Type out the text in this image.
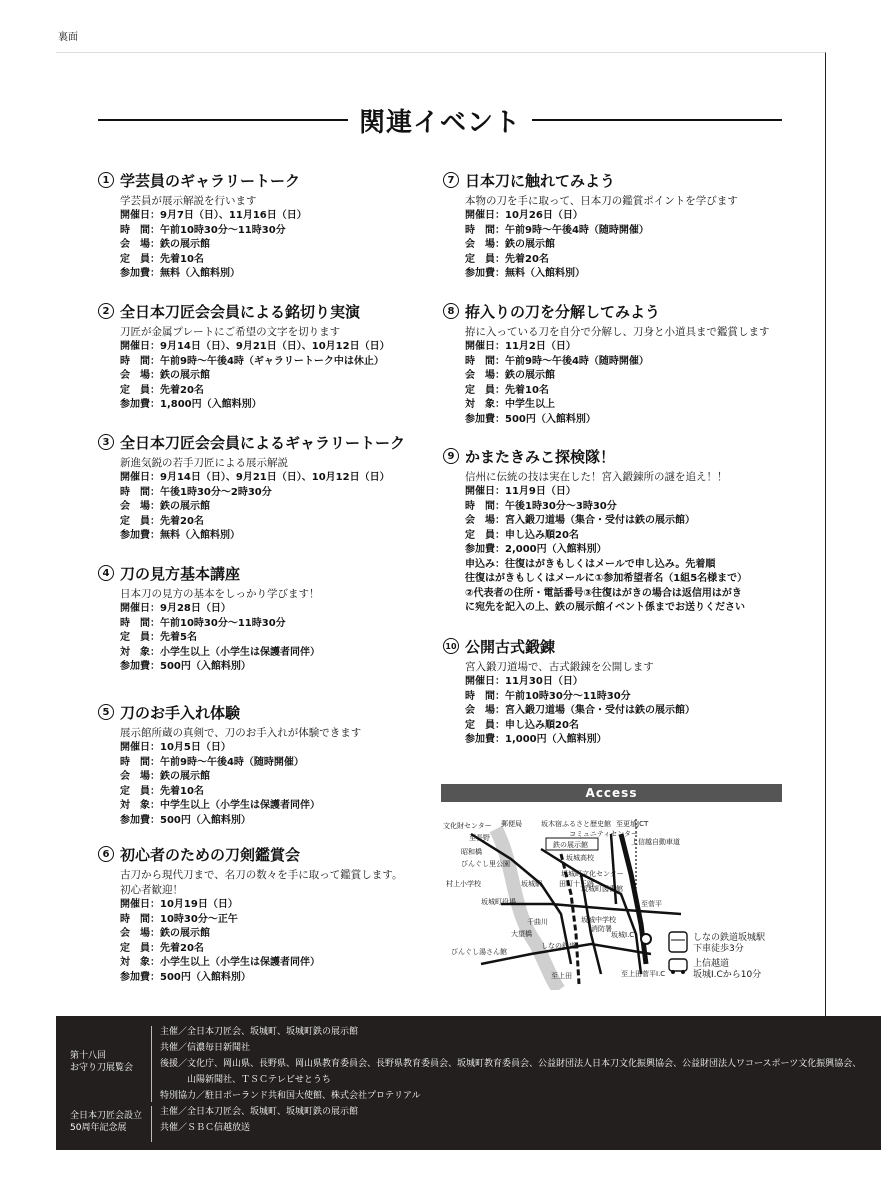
裏面
関連イベント
1 学芸員のギャラリートーク
学芸員が展示解説を行います
開催日：9月7日（日）、11月16日（日）
時　間：午前10時30分〜11時30分
会　場：鉄の展示館
定　員：先着10名
参加費：無料（入館料別）
2 全日本刀匠会会員による銘切り実演
刀匠が金属プレートにご希望の文字を切ります
開催日：9月14日（日）、9月21日（日）、10月12日（日）
時　間：午前9時〜午後4時（ギャラリートーク中は休止）
会　場：鉄の展示館
定　員：先着20名
参加費：1,800円（入館料別）
3 全日本刀匠会会員によるギャラリートーク
新進気鋭の若手刀匠による展示解説
開催日：9月14日（日）、9月21日（日）、10月12日（日）
時　間：午後1時30分〜2時30分
会　場：鉄の展示館
定　員：先着20名
参加費：無料（入館料別）
4 刀の見方基本講座
日本刀の見方の基本をしっかり学びます！
開催日：9月28日（日）
時　間：午前10時30分〜11時30分
定　員：先着5名
対　象：小学生以上（小学生は保護者同伴）
参加費：500円（入館料別）
5 刀のお手入れ体験
展示館所蔵の真剣で、刀のお手入れが体験できます
開催日：10月5日（日）
時　間：午前9時〜午後4時（随時開催）
会　場：鉄の展示館
定　員：先着10名
対　象：中学生以上（小学生は保護者同伴）
参加費：500円（入館料別）
6 初心者のための刀剣鑑賞会
古刀から現代刀まで、名刀の数々を手に取って鑑賞します。
初心者歓迎！
開催日：10月19日（日）
時　間：10時30分〜正午
会　場：鉄の展示館
定　員：先着20名
対　象：小学生以上（小学生は保護者同伴）
参加費：500円（入館料別）
7 日本刀に触れてみよう
本物の刀を手に取って、日本刀の鑑賞ポイントを学びます
開催日：10月26日（日）
時　間：午前9時〜午後4時（随時開催）
会　場：鉄の展示館
定　員：先着20名
参加費：無料（入館料別）
8 拵入りの刀を分解してみよう
拵に入っている刀を自分で分解し、刀身と小道具まで鑑賞します
開催日：11月2日（日）
時　間：午前9時〜午後4時（随時開催）
会　場：鉄の展示館
定　員：先着10名
対　象：中学生以上
参加費：500円（入館料別）
9 かまたきみこ探検隊！
信州に伝統の技は実在した！宮入鍛錬所の謎を追え！！
開催日：11月9日（日）
時　間：午後1時30分〜3時30分
会　場：宮入鍛刀道場（集合・受付は鉄の展示館）
定　員：申し込み順20名
参加費：2,000円（入館料別）
申込み：往復はがきもしくはメールで申し込み。先着順
往復はがきもしくはメールに①参加希望者名（1組5名様まで）
②代表者の住所・電話番号③往復はがきの場合は返信用はがき
に宛先を記入の上、鉄の展示館イベント係までお送りください
10 公開古式鍛錬
宮入鍛刀道場で、古式鍛錬を公開します
開催日：11月30日（日）
時　間：午前10時30分〜11時30分
会　場：宮入鍛刀道場（集合・受付は鉄の展示館）
定　員：申し込み順20名
参加費：1,000円（入館料別）
Access
文化財センター
至長野
郵便局	坂木宿ふるさと歴史館
コミュニティセンター
至更埴JCT
鉄の展示館
坂城高校
昭和橋
びんぐし里公園
村上小学校	坂城駅 田町十王跡
坂城町文化センター
坂城町図書館
上信越自動車道
至菅平
坂城中学校
消防署
坂城I.C
千曲川
大望橋
しなの鉄道
至上田菅平I.C
至上田
びんぐし湯さん館
坂城町役場
しなの鉄道坂城駅
下車徒歩3分
上信越道
坂城I.Cから10分
第十八回
お守り刀展覧会
主催／全日本刀匠会、坂城町、坂城町鉄の展示館
共催／信濃毎日新聞社
後援／文化庁、岡山県、長野県、岡山県教育委員会、長野県教育委員会、坂城町教育委員会、公益財団法人日本刀文化振興協会、公益財団法人ワコースポーツ文化振興協会、
　　　山陽新聞社、ＴＳＣテレビせとうち
特別協力／駐日ポーランド共和国大使館、株式会社プロテリアル
全日本刀匠会設立
50周年記念展
主催／全日本刀匠会、坂城町、坂城町鉄の展示館
共催／ＳＢＣ信越放送
